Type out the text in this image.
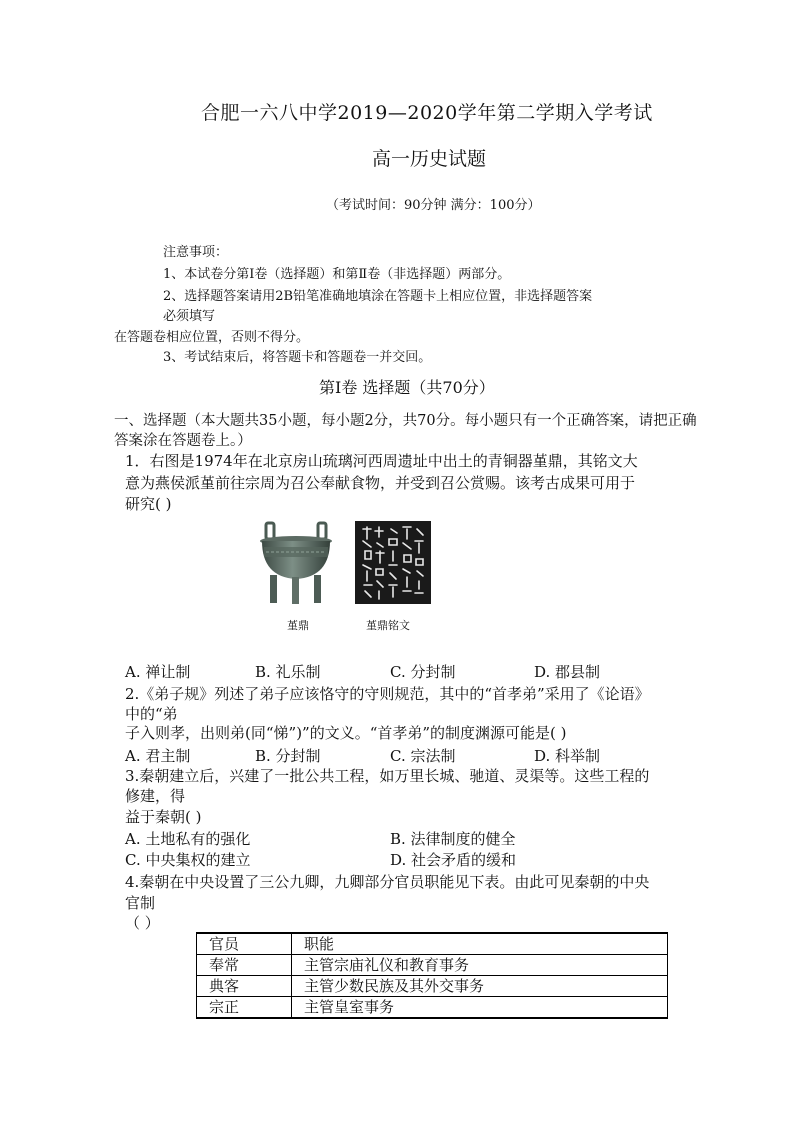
合肥一六八中学2019—2020学年第二学期入学考试
高一历史试题
（考试时间：90分钟 满分：100分）
注意事项：
1、本试卷分第Ⅰ卷（选择题）和第Ⅱ卷（非选择题）两部分。
2、选择题答案请用2B铅笔准确地填涂在答题卡上相应位置，非选择题答案
必须填写
在答题卷相应位置，否则不得分。
3、考试结束后，将答题卡和答题卷一并交回。
第Ⅰ卷 选择题（共70分）
一、选择题（本大题共35小题，每小题2分，共70分。每小题只有一个正确答案，请把正确
答案涂在答题卷上。）
1．右图是1974年在北京房山琉璃河西周遗址中出土的青铜器堇鼎，其铭文大
意为燕侯派堇前往宗周为召公奉献食物，并受到召公赏赐。该考古成果可用于
研究( )
堇鼎	堇鼎铭文
A. 禅让制	B. 礼乐制	C. 分封制	D. 郡县制
2.《弟子规》列述了弟子应该恪守的守则规范，其中的“首孝弟”采用了《论语》
中的“弟
子入则孝，出则弟(同“悌”)”的文义。“首孝弟”的制度渊源可能是( )
A. 君主制	B. 分封制	C. 宗法制	D. 科举制
3.秦朝建立后，兴建了一批公共工程，如万里长城、驰道、灵渠等。这些工程的
修建，得
益于秦朝( )
A. 土地私有的强化	B. 法律制度的健全
C. 中央集权的建立	D. 社会矛盾的缓和
4.秦朝在中央设置了三公九卿，九卿部分官员职能见下表。由此可见秦朝的中央
官制
（ ）
官员	职能
奉常	主管宗庙礼仪和教育事务
典客	主管少数民族及其外交事务
宗正	主管皇室事务
